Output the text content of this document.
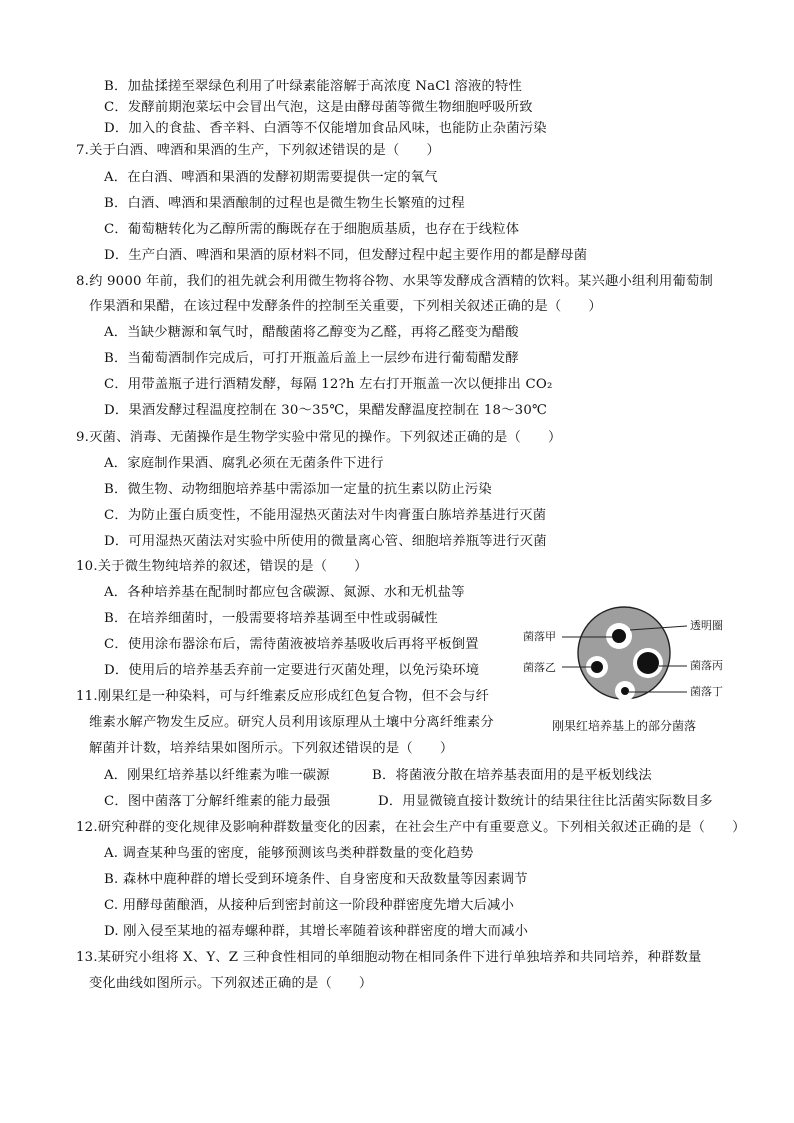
B．加盐揉搓至翠绿色利用了叶绿素能溶解于高浓度 NaCl 溶液的特性
C．发酵前期泡菜坛中会冒出气泡，这是由酵母菌等微生物细胞呼吸所致
D．加入的食盐、香辛料、白酒等不仅能增加食品风味，也能防止杂菌污染
7.关于白酒、啤酒和果酒的生产，下列叙述错误的是（　　）
A．在白酒、啤酒和果酒的发酵初期需要提供一定的氧气
B．白酒、啤酒和果酒酿制的过程也是微生物生长繁殖的过程
C．葡萄糖转化为乙醇所需的酶既存在于细胞质基质，也存在于线粒体
D．生产白酒、啤酒和果酒的原材料不同，但发酵过程中起主要作用的都是酵母菌
8.约 9000 年前，我们的祖先就会利用微生物将谷物、水果等发酵成含酒精的饮料。某兴趣小组利用葡萄制
作果酒和果醋，在该过程中发酵条件的控制至关重要，下列相关叙述正确的是（　　）
A．当缺少糖源和氧气时，醋酸菌将乙醇变为乙醛，再将乙醛变为醋酸
B．当葡萄酒制作完成后，可打开瓶盖后盖上一层纱布进行葡萄醋发酵
C．用带盖瓶子进行酒精发酵，每隔 12?h 左右打开瓶盖一次以便排出 CO₂
D．果酒发酵过程温度控制在 30～35℃，果醋发酵温度控制在 18～30℃
9.灭菌、消毒、无菌操作是生物学实验中常见的操作。下列叙述正确的是（　　）
A．家庭制作果酒、腐乳必须在无菌条件下进行
B．微生物、动物细胞培养基中需添加一定量的抗生素以防止污染
C．为防止蛋白质变性，不能用湿热灭菌法对牛肉膏蛋白胨培养基进行灭菌
D．可用湿热灭菌法对实验中所使用的微量离心管、细胞培养瓶等进行灭菌
10.关于微生物纯培养的叙述，错误的是（　　）
A．各种培养基在配制时都应包含碳源、氮源、水和无机盐等
B．在培养细菌时，一般需要将培养基调至中性或弱碱性
C．使用涂布器涂布后，需待菌液被培养基吸收后再将平板倒置
D．使用后的培养基丢弃前一定要进行灭菌处理，以免污染环境
11.刚果红是一种染料，可与纤维素反应形成红色复合物，但不会与纤
维素水解产物发生反应。研究人员利用该原理从土壤中分离纤维素分
解菌并计数，培养结果如图所示。下列叙述错误的是（　　）
A．刚果红培养基以纤维素为唯一碳源	B．将菌液分散在培养基表面用的是平板划线法
C．图中菌落丁分解纤维素的能力最强	D．用显微镜直接计数统计的结果往往比活菌实际数目多
菌落甲
透明圈
菌落乙	菌落丙
菌落丁
刚果红培养基上的部分菌落
12.研究种群的变化规律及影响种群数量变化的因素，在社会生产中有重要意义。下列相关叙述正确的是（　　）
A. 调查某种鸟蛋的密度，能够预测该鸟类种群数量的变化趋势
B. 森林中鹿种群的增长受到环境条件、自身密度和天敌数量等因素调节
C. 用酵母菌酿酒，从接种后到密封前这一阶段种群密度先增大后减小
D. 刚入侵至某地的福寿螺种群，其增长率随着该种群密度的增大而减小
13.某研究小组将 X、Y、Z 三种食性相同的单细胞动物在相同条件下进行单独培养和共同培养，种群数量
变化曲线如图所示。下列叙述正确的是（　　）
